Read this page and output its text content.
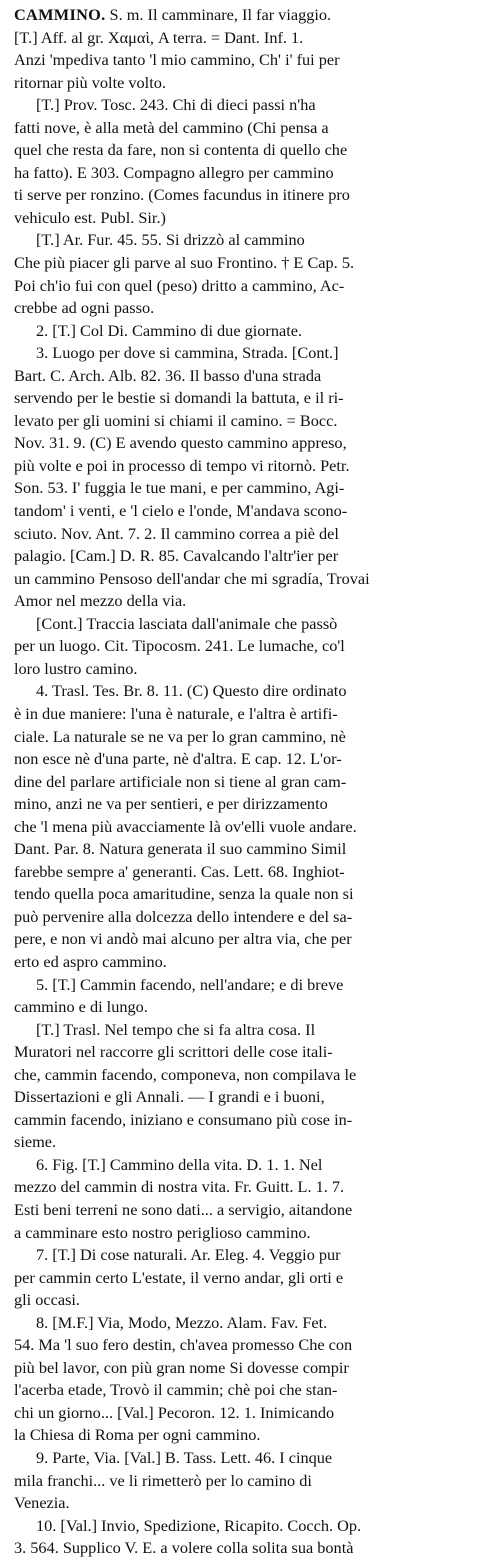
CAMMINO. S. m. Il camminare, Il far viaggio.
[T.] Aff. al gr. Χαμαὶ, A terra. = Dant. Inf. 1.
Anzi 'mpediva tanto 'l mio cammino, Ch' i' fui per
ritornar più volte volto.
[T.] Prov. Tosc. 243. Chi di dieci passi n'ha
fatti nove, è alla metà del cammino (Chi pensa a
quel che resta da fare, non si contenta di quello che
ha fatto). E 303. Compagno allegro per cammino
ti serve per ronzino. (Comes facundus in itinere pro
vehiculo est. Publ. Sir.)
[T.] Ar. Fur. 45. 55. Si drizzò al cammino
Che più piacer gli parve al suo Frontino. † E Cap. 5.
Poi ch'io fui con quel (peso) dritto a cammino, Ac-
crebbe ad ogni passo.
2. [T.] Col Di. Cammino di due giornate.
3. Luogo per dove si cammina, Strada. [Cont.]
Bart. C. Arch. Alb. 82. 36. Il basso d'una strada
servendo per le bestie si domandi la battuta, e il ri-
levato per gli uomini si chiami il camino. = Bocc.
Nov. 31. 9. (C) E avendo questo cammino appreso,
più volte e poi in processo di tempo vi ritornò. Petr.
Son. 53. I' fuggia le tue mani, e per cammino, Agi-
tandom' i venti, e 'l cielo e l'onde, M'andava scono-
sciuto. Nov. Ant. 7. 2. Il cammino correa a piè del
palagio. [Cam.] D. R. 85. Cavalcando l'altr'ier per
un cammino Pensoso dell'andar che mi sgradía, Trovai
Amor nel mezzo della via.
[Cont.] Traccia lasciata dall'animale che passò
per un luogo. Cit. Tipocosm. 241. Le lumache, co'l
loro lustro camino.
4. Trasl. Tes. Br. 8. 11. (C) Questo dire ordinato
è in due maniere: l'una è naturale, e l'altra è artifi-
ciale. La naturale se ne va per lo gran cammino, nè
non esce nè d'una parte, nè d'altra. E cap. 12. L'or-
dine del parlare artificiale non si tiene al gran cam-
mino, anzi ne va per sentieri, e per dirizzamento
che 'l mena più avacciamente là ov'elli vuole andare.
Dant. Par. 8. Natura generata il suo cammino Simil
farebbe sempre a' generanti. Cas. Lett. 68. Inghiot-
tendo quella poca amaritudine, senza la quale non si
può pervenire alla dolcezza dello intendere e del sa-
pere, e non vi andò mai alcuno per altra via, che per
erto ed aspro cammino.
5. [T.] Cammin facendo, nell'andare; e di breve
cammino e di lungo.
[T.] Trasl. Nel tempo che si fa altra cosa. Il
Muratori nel raccorre gli scrittori delle cose itali-
che, cammin facendo, componeva, non compilava le
Dissertazioni e gli Annali. — I grandi e i buoni,
cammin facendo, iniziano e consumano più cose in-
sieme.
6. Fig. [T.] Cammino della vita. D. 1. 1. Nel
mezzo del cammin di nostra vita. Fr. Guitt. L. 1. 7.
Esti beni terreni ne sono dati... a servigio, aitandone
a camminare esto nostro periglioso cammino.
7. [T.] Di cose naturali. Ar. Eleg. 4. Veggio pur
per cammin certo L'estate, il verno andar, gli orti e
gli occasi.
8. [M.F.] Via, Modo, Mezzo. Alam. Fav. Fet.
54. Ma 'l suo fero destin, ch'avea promesso Che con
più bel lavor, con più gran nome Si dovesse compir
l'acerba etade, Trovò il cammin; chè poi che stan-
chi un giorno... [Val.] Pecoron. 12. 1. Inimicando
la Chiesa di Roma per ogni cammino.
9. Parte, Via. [Val.] B. Tass. Lett. 46. I cinque
mila franchi... ve li rimetterò per lo camino di
Venezia.
10. [Val.] Invio, Spedizione, Ricapito. Cocch. Op.
3. 564. Supplico V. E. a volere colla solita sua bontà
